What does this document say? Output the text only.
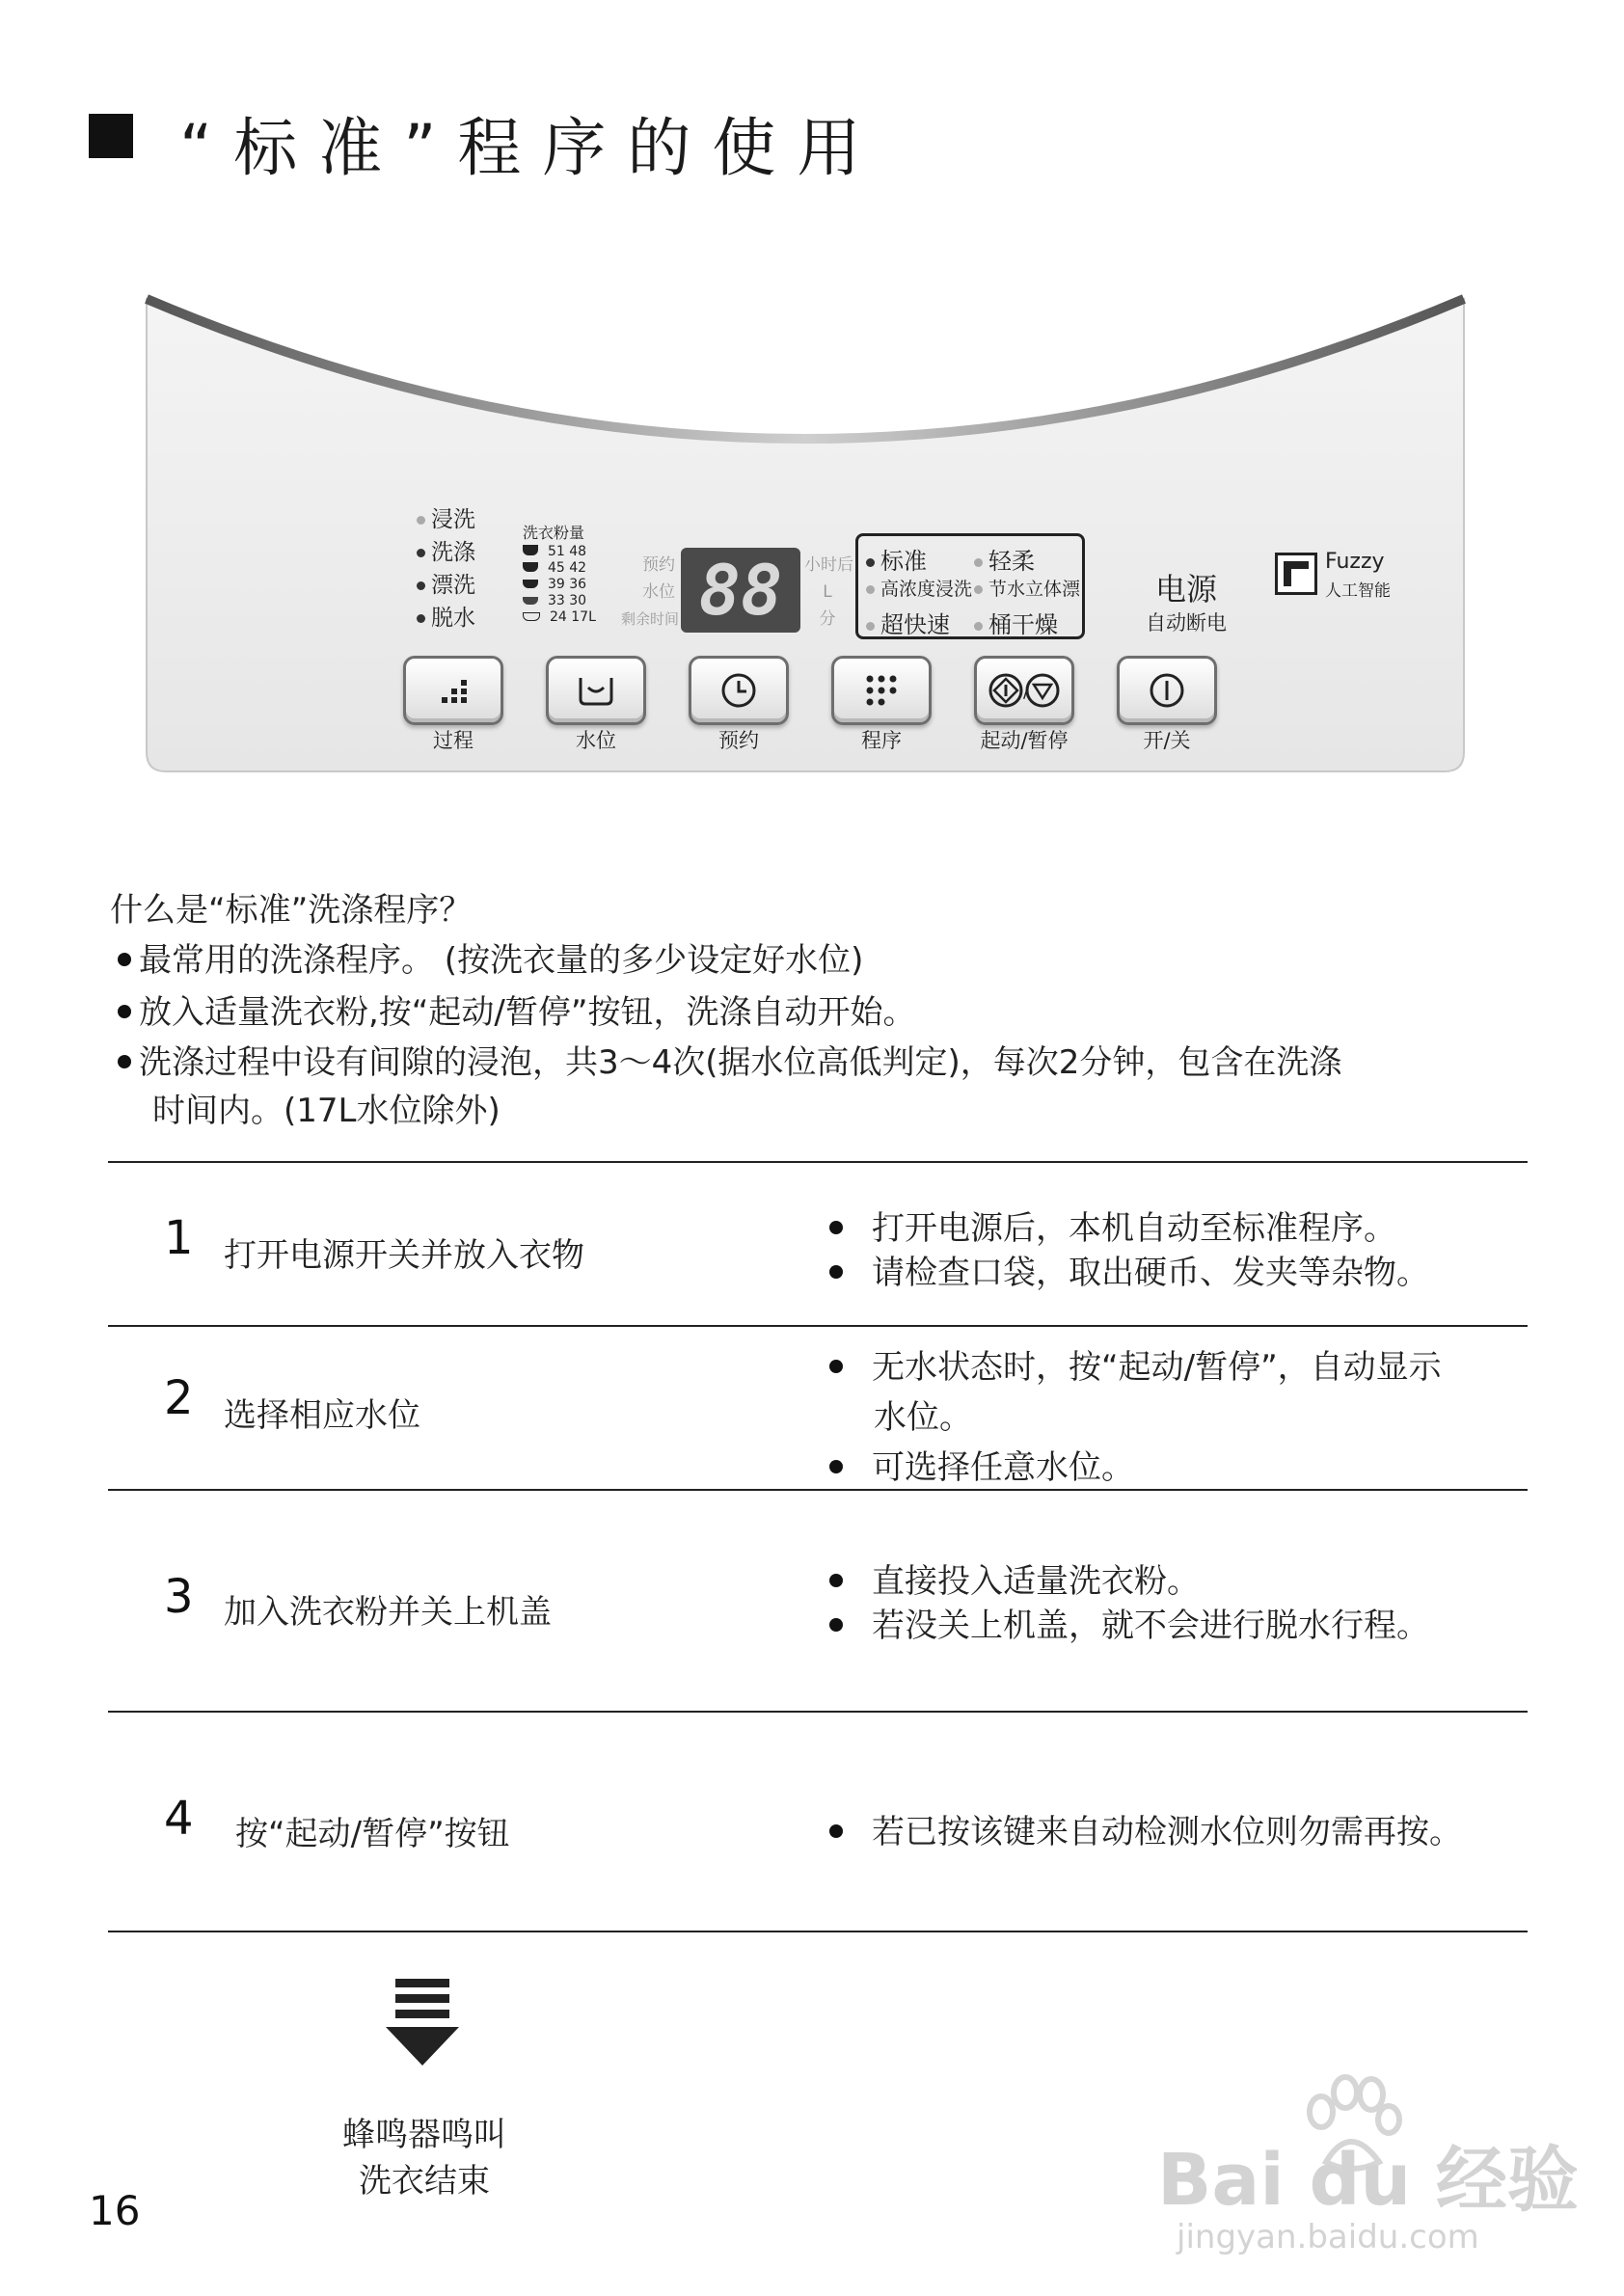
“标准”程序的使用
浸洗
洗涤
漂洗
脱水
洗衣粉量
51 48
45 42
39 36
33 30
24 17L
预约
水位
剩余时间 88	小时后
L
分
标准	轻柔
高浓度浸洗 节水立体漂
超快速	桶干燥
电源
自动断电
Fuzzy
人工智能
过程	水位	预约	程序
/
起动/暂停	开/关
什么是“标准”洗涤程序？
最常用的洗涤程序。 (按洗衣量的多少设定好水位)
放入适量洗衣粉,按“起动/暂停”按钮，洗涤自动开始。
洗涤过程中设有间隙的浸泡，共3～4次(据水位高低判定)，每次2分钟，包含在洗涤
时间内。(17L水位除外)
1 打开电源开关并放入衣物
打开电源后，本机自动至标准程序。
请检查口袋，取出硬币、发夹等杂物。
2 选择相应水位
无水状态时，按“起动/暂停”，自动显示
水位。
可选择任意水位。
3 加入洗衣粉并关上机盖
直接投入适量洗衣粉。
若没关上机盖，就不会进行脱水行程。
4 按“起动/暂停”按钮	若已按该键来自动检测水位则勿需再按。
蜂鸣器鸣叫
洗衣结束
16	Bai du 经验
jingyan.baidu.com
